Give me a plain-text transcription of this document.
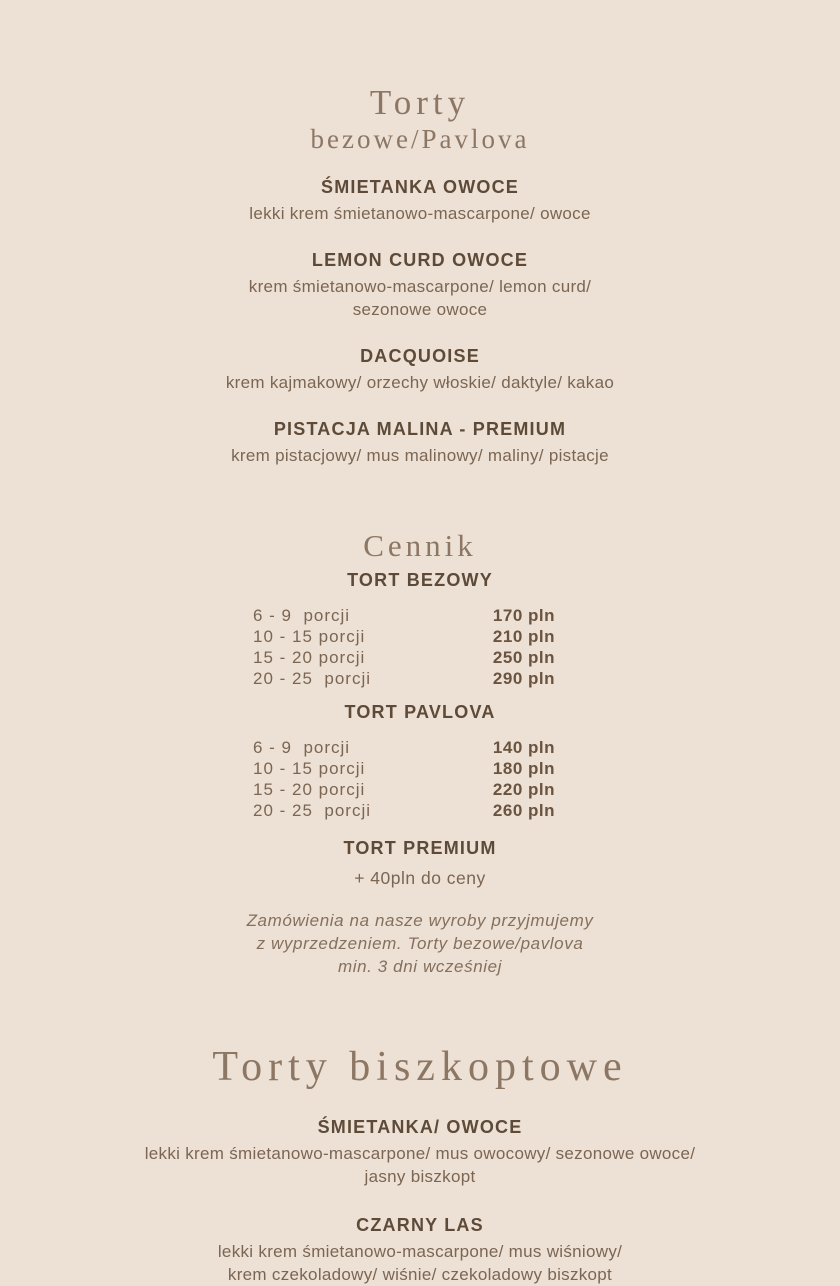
Torty
bezowe/Pavlova
ŚMIETANKA OWOCE
lekki krem śmietanowo-mascarpone/ owoce
LEMON CURD OWOCE
krem śmietanowo-mascarpone/ lemon curd/
sezonowe owoce
DACQUOISE
krem kajmakowy/ orzechy włoskie/ daktyle/ kakao
PISTACJA MALINA - PREMIUM
krem pistacjowy/ mus malinowy/ maliny/ pistacje
Cennik
TORT BEZOWY
6 - 9  porcji	170 pln
10 - 15 porcji	210 pln
15 - 20 porcji	250 pln
20 - 25  porcji	290 pln
TORT PAVLOVA
6 - 9  porcji	140 pln
10 - 15 porcji	180 pln
15 - 20 porcji	220 pln
20 - 25  porcji	260 pln
TORT PREMIUM
+ 40pln do ceny
Zamówienia na nasze wyroby przyjmujemy
z wyprzedzeniem. Torty bezowe/pavlova
min. 3 dni wcześniej
Torty biszkoptowe
ŚMIETANKA/ OWOCE
lekki krem śmietanowo-mascarpone/ mus owocowy/ sezonowe owoce/
jasny biszkopt
CZARNY LAS
lekki krem śmietanowo-mascarpone/ mus wiśniowy/
krem czekoladowy/ wiśnie/ czekoladowy biszkopt
